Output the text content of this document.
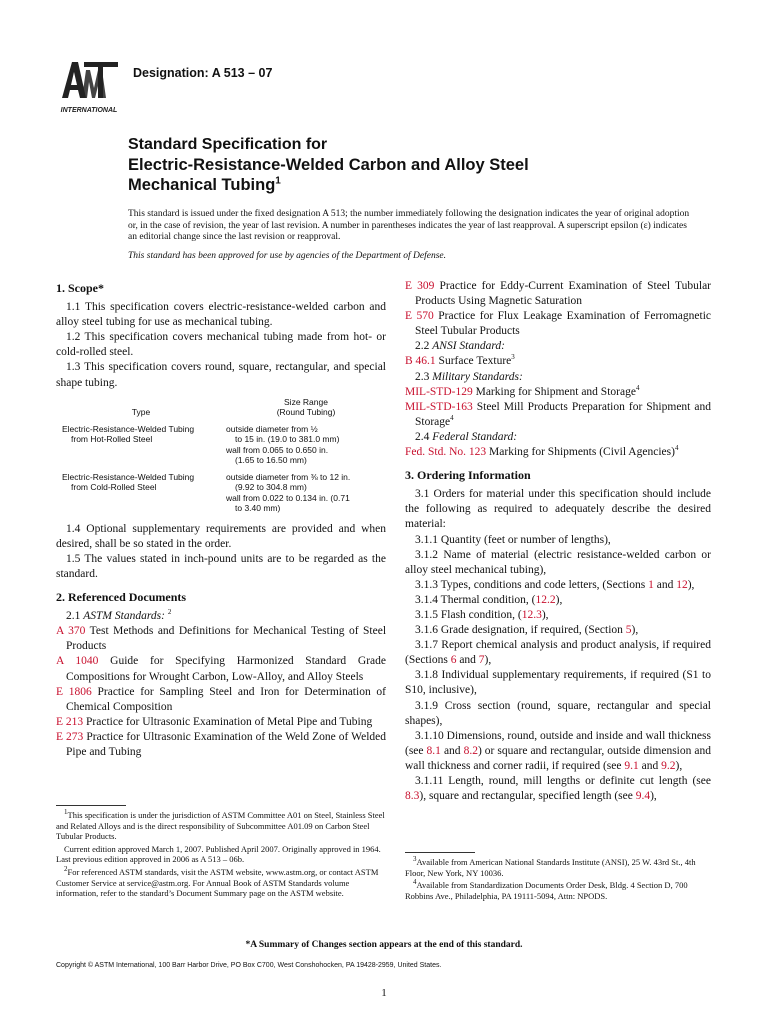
INTERNATIONAL
Designation: A 513 – 07
Standard Specification for
Electric-Resistance-Welded Carbon and Alloy Steel
Mechanical Tubing$^1$

This standard is issued under the fixed designation A 513; the number immediately following the designation indicates the year of original adoption or, in the case of revision, the year of last revision. A number in parentheses indicates the year of last reapproval. A superscript epsilon (ε) indicates an editorial change since the last revision or reapproval.

This standard has been approved for use by agencies of the Department of Defense.

1. Scope*

1.1 This specification covers electric-resistance-welded carbon and alloy steel tubing for use as mechanical tubing.

1.2 This specification covers mechanical tubing made from hot- or cold-rolled steel.

1.3 This specification covers round, square, rectangular, and special shape tubing.

Type
Size Range
(Round Tubing)
Electric-Resistance-Welded Tubing
from Hot-Rolled Steel
outside diameter from ½
to 15 in. (19.0 to 381.0 mm)
wall from 0.065 to 0.650 in.
(1.65 to 16.50 mm)
Electric-Resistance-Welded Tubing
from Cold-Rolled Steel
outside diameter from ⅜ to 12 in.
(9.92 to 304.8 mm)
wall from 0.022 to 0.134 in. (0.71
to 3.40 mm)

1.4 Optional supplementary requirements are provided and when desired, shall be so stated in the order.

1.5 The values stated in inch-pound units are to be regarded as the standard.

2. Referenced Documents

2.1 ASTM Standards: $^2$

A 370 Test Methods and Definitions for Mechanical Testing of Steel Products

A 1040 Guide for Specifying Harmonized Standard Grade Compositions for Wrought Carbon, Low-Alloy, and Alloy Steels

E 1806 Practice for Sampling Steel and Iron for Determination of Chemical Composition

E 213 Practice for Ultrasonic Examination of Metal Pipe and Tubing

E 273 Practice for Ultrasonic Examination of the Weld Zone of Welded Pipe and Tubing

E 309 Practice for Eddy-Current Examination of Steel Tubular Products Using Magnetic Saturation

E 570 Practice for Flux Leakage Examination of Ferromagnetic Steel Tubular Products

2.2 ANSI Standard:

B 46.1 Surface Texture$^3$

2.3 Military Standards:

MIL-STD-129 Marking for Shipment and Storage$^4$

MIL-STD-163 Steel Mill Products Preparation for Shipment and Storage$^4$

2.4 Federal Standard:

Fed. Std. No. 123 Marking for Shipments (Civil Agencies)$^4$

3. Ordering Information

3.1 Orders for material under this specification should include the following as required to adequately describe the desired material:

3.1.1 Quantity (feet or number of lengths),

3.1.2 Name of material (electric resistance-welded carbon or alloy steel mechanical tubing),

3.1.3 Types, conditions and code letters, (Sections 1 and 12),

3.1.4 Thermal condition, (12.2),

3.1.5 Flash condition, (12.3),

3.1.6 Grade designation, if required, (Section 5),

3.1.7 Report chemical analysis and product analysis, if required (Sections 6 and 7),

3.1.8 Individual supplementary requirements, if required (S1 to S10, inclusive),

3.1.9 Cross section (round, square, rectangular and special shapes),

3.1.10 Dimensions, round, outside and inside and wall thickness (see 8.1 and 8.2) or square and rectangular, outside dimension and wall thickness and corner radii, if required (see 9.1 and 9.2),

3.1.11 Length, round, mill lengths or definite cut length (see 8.3), square and rectangular, specified length (see 9.4),

$^1$This specification is under the jurisdiction of ASTM Committee A01 on Steel, Stainless Steel and Related Alloys and is the direct responsibility of Subcommittee A01.09 on Carbon Steel Tubular Products.

Current edition approved March 1, 2007. Published April 2007. Originally approved in 1964. Last previous edition approved in 2006 as A 513 – 06b.

$^2$For referenced ASTM standards, visit the ASTM website, www.astm.org, or contact ASTM Customer Service at service@astm.org. For Annual Book of ASTM Standards volume information, refer to the standard’s Document Summary page on the ASTM website.

$^3$Available from American National Standards Institute (ANSI), 25 W. 43rd St., 4th Floor, New York, NY 10036.

$^4$Available from Standardization Documents Order Desk, Bldg. 4 Section D, 700 Robbins Ave., Philadelphia, PA 19111-5094, Attn: NPODS.

*A Summary of Changes section appears at the end of this standard.
Copyright © ASTM International, 100 Barr Harbor Drive, PO Box C700, West Conshohocken, PA 19428-2959, United States.
1
